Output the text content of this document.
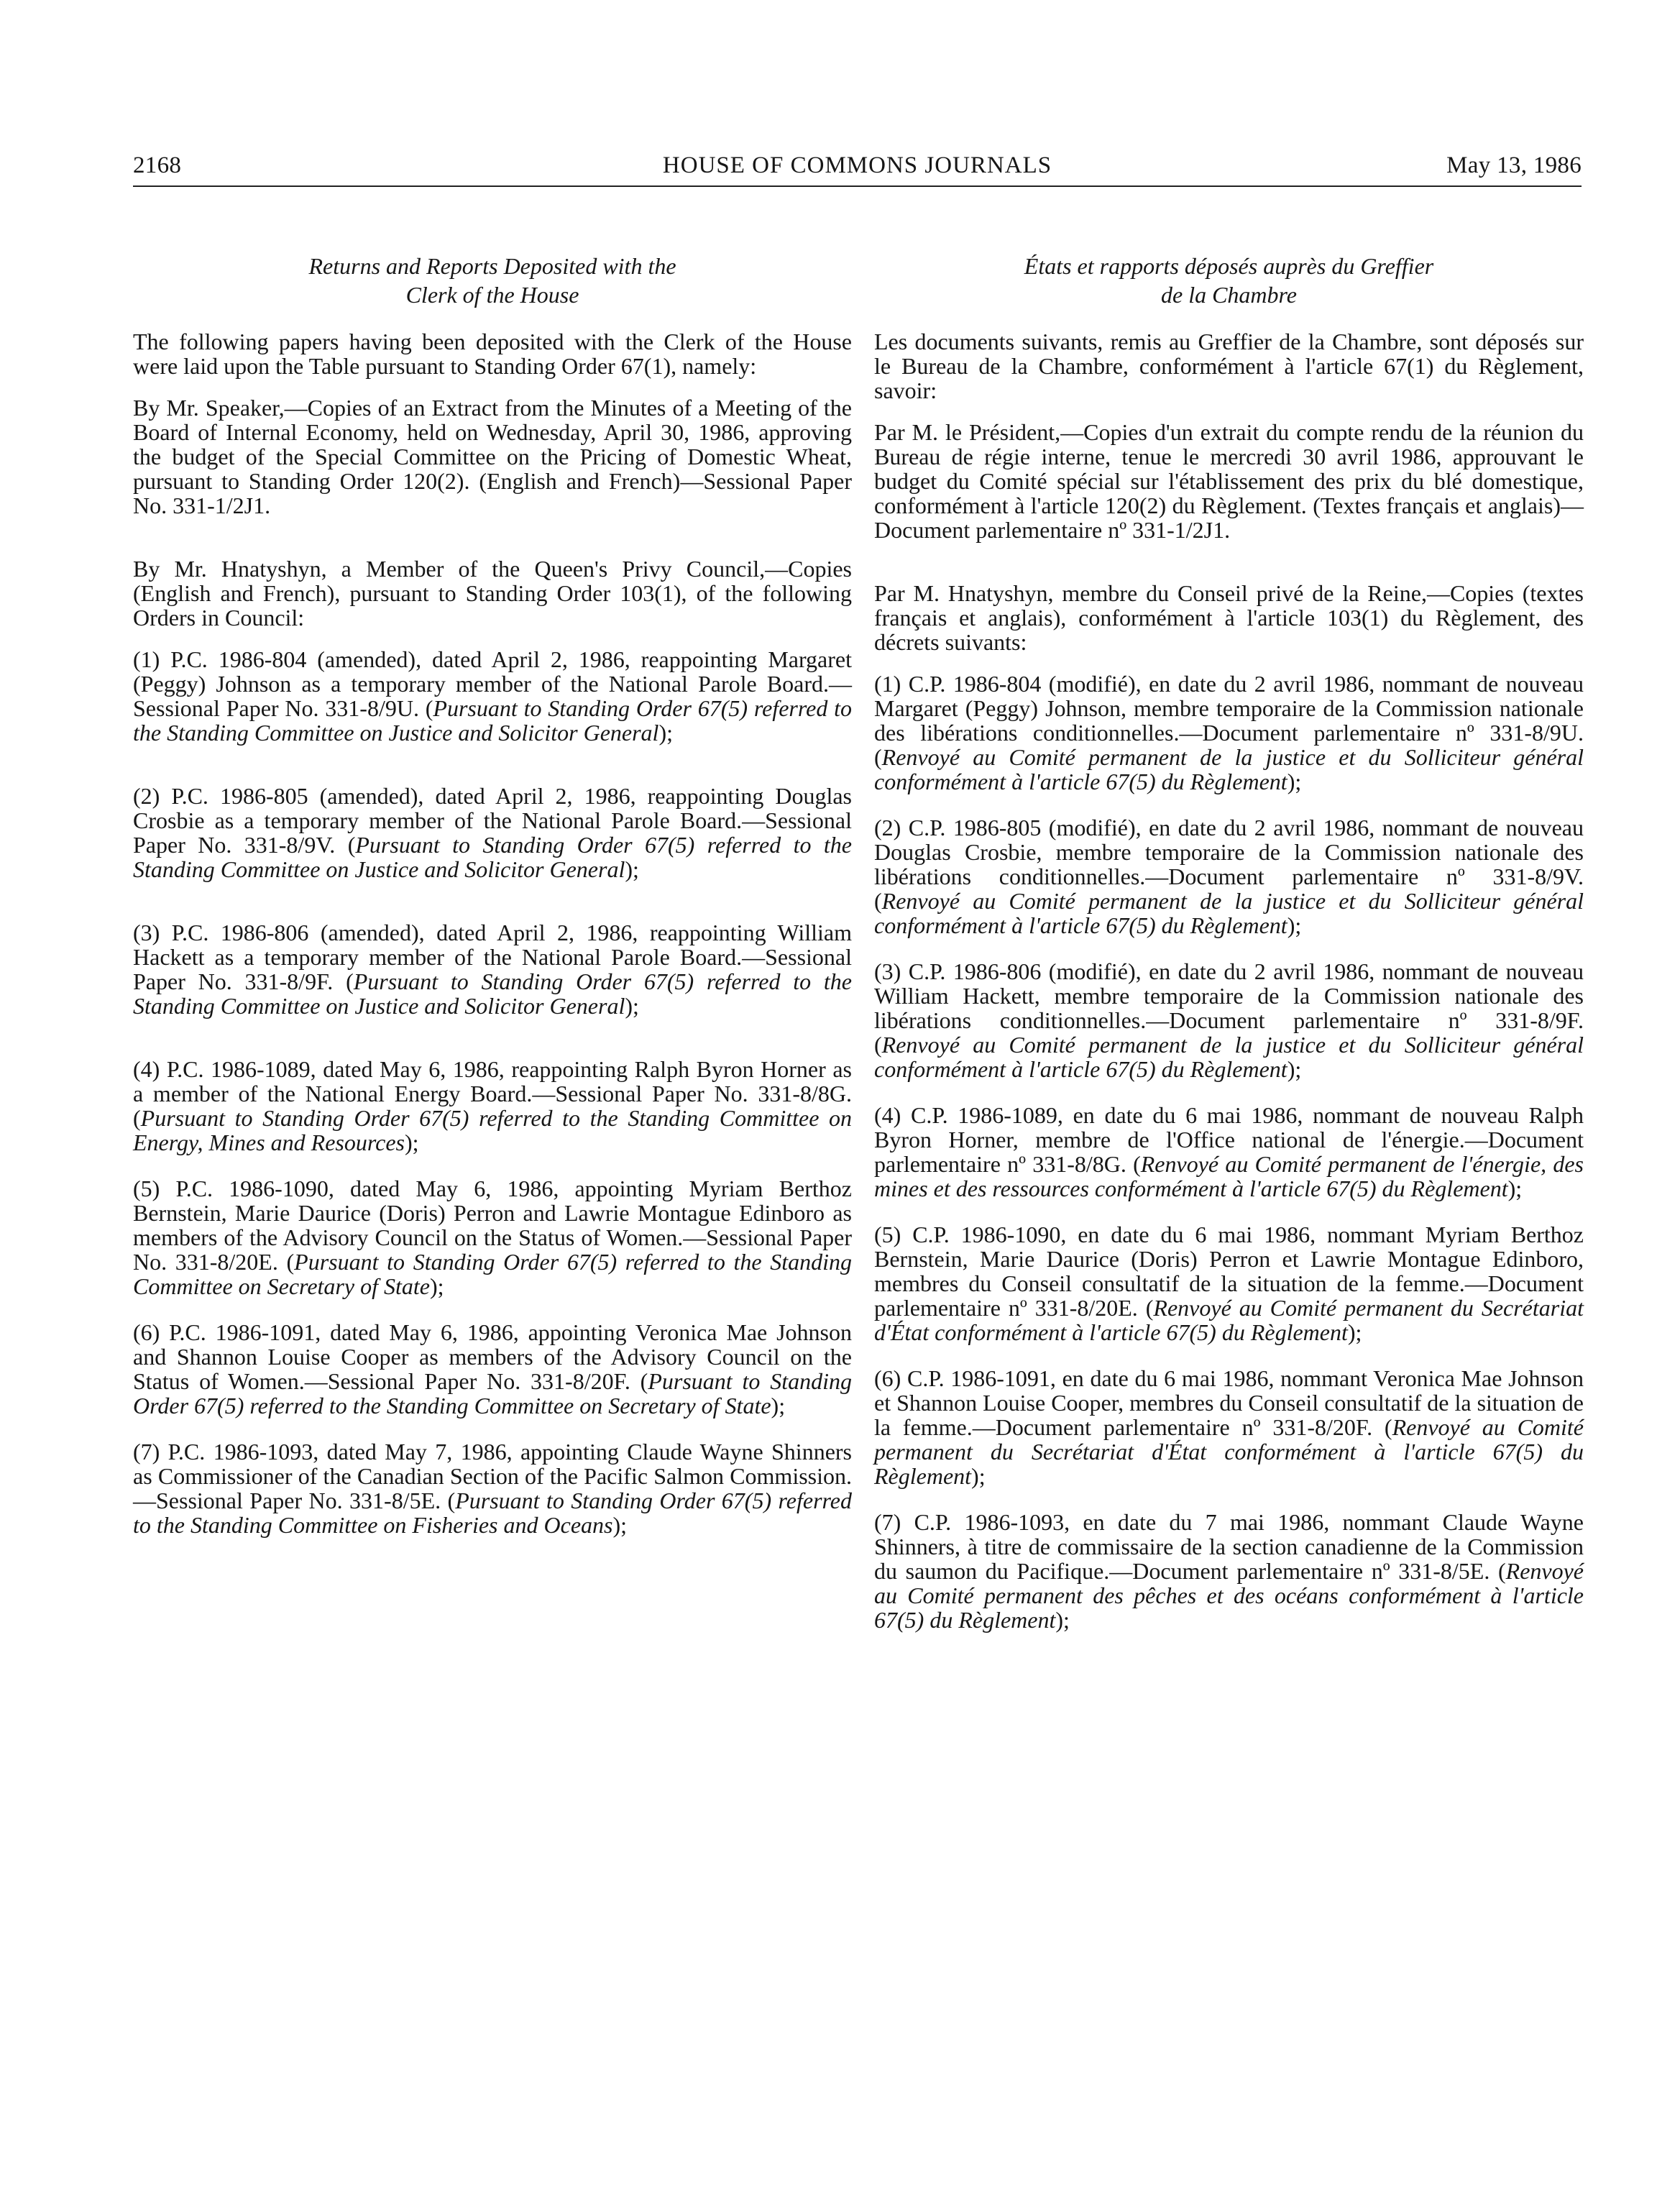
2168	HOUSE OF COMMONS JOURNALS	May 13, 1986
Returns and Reports Deposited with the
Clerk of the House

The following papers having been deposited with the Clerk of the House were laid upon the Table pursuant to Standing Order 67(1), namely:

By Mr. Speaker,—Copies of an Extract from the Minutes of a Meeting of the Board of Internal Economy, held on Wednesday, April 30, 1986, approving the budget of the Special Committee on the Pricing of Domestic Wheat, pursuant to Standing Order 120(2). (English and French)—Sessional Paper No. 331-1/2J1.

By Mr. Hnatyshyn, a Member of the Queen's Privy Council,—Copies (English and French), pursuant to Standing Order 103(1), of the following Orders in Council:

(1) P.C. 1986-804 (amended), dated April 2, 1986, reappointing Margaret (Peggy) Johnson as a temporary member of the National Parole Board.—Sessional Paper No. 331-8/9U. (Pursuant to Standing Order 67(5) referred to the Standing Committee on Justice and Solicitor General);

(2) P.C. 1986-805 (amended), dated April 2, 1986, reappointing Douglas Crosbie as a temporary member of the National Parole Board.—Sessional Paper No. 331-8/9V. (Pursuant to Standing Order 67(5) referred to the Standing Committee on Justice and Solicitor General);

(3) P.C. 1986-806 (amended), dated April 2, 1986, reappointing William Hackett as a temporary member of the National Parole Board.—Sessional Paper No. 331-8/9F. (Pursuant to Standing Order 67(5) referred to the Standing Committee on Justice and Solicitor General);

(4) P.C. 1986-1089, dated May 6, 1986, reappointing Ralph Byron Horner as a member of the National Energy Board.—Sessional Paper No. 331-8/8G. (Pursuant to Standing Order 67(5) referred to the Standing Committee on Energy, Mines and Resources);

(5) P.C. 1986-1090, dated May 6, 1986, appointing Myriam Berthoz Bernstein, Marie Daurice (Doris) Perron and Lawrie Montague Edinboro as members of the Advisory Council on the Status of Women.—Sessional Paper No. 331-8/20E. (Pursuant to Standing Order 67(5) referred to the Standing Committee on Secretary of State);

(6) P.C. 1986-1091, dated May 6, 1986, appointing Veronica Mae Johnson and Shannon Louise Cooper as members of the Advisory Council on the Status of Women.—Sessional Paper No. 331-8/20F. (Pursuant to Standing Order 67(5) referred to the Standing Committee on Secretary of State);

(7) P.C. 1986-1093, dated May 7, 1986, appointing Claude Wayne Shinners as Commissioner of the Canadian Section of the Pacific Salmon Commission.—Sessional Paper No. 331-8/5E. (Pursuant to Standing Order 67(5) referred to the Standing Committee on Fisheries and Oceans);

États et rapports déposés auprès du Greffier
de la Chambre

Les documents suivants, remis au Greffier de la Chambre, sont déposés sur le Bureau de la Chambre, conformément à l'article 67(1) du Règlement, savoir:

Par M. le Président,—Copies d'un extrait du compte rendu de la réunion du Bureau de régie interne, tenue le mercredi 30 avril 1986, approuvant le budget du Comité spécial sur l'établissement des prix du blé domestique, conformément à l'article 120(2) du Règlement. (Textes français et anglais)—Document parlementaire nº 331-1/2J1.

Par M. Hnatyshyn, membre du Conseil privé de la Reine,—Copies (textes français et anglais), conformément à l'article 103(1) du Règlement, des décrets suivants:

(1) C.P. 1986-804 (modifié), en date du 2 avril 1986, nommant de nouveau Margaret (Peggy) Johnson, membre temporaire de la Commission nationale des libérations conditionnelles.—Document parlementaire nº 331-8/9U. (Renvoyé au Comité permanent de la justice et du Solliciteur général conformément à l'article 67(5) du Règlement);

(2) C.P. 1986-805 (modifié), en date du 2 avril 1986, nommant de nouveau Douglas Crosbie, membre temporaire de la Commission nationale des libérations conditionnelles.—Document parlementaire nº 331-8/9V. (Renvoyé au Comité permanent de la justice et du Solliciteur général conformément à l'article 67(5) du Règlement);

(3) C.P. 1986-806 (modifié), en date du 2 avril 1986, nommant de nouveau William Hackett, membre temporaire de la Commission nationale des libérations conditionnelles.—Document parlementaire nº 331-8/9F. (Renvoyé au Comité permanent de la justice et du Solliciteur général conformément à l'article 67(5) du Règlement);

(4) C.P. 1986-1089, en date du 6 mai 1986, nommant de nouveau Ralph Byron Horner, membre de l'Office national de l'énergie.—Document parlementaire nº 331-8/8G. (Renvoyé au Comité permanent de l'énergie, des mines et des ressources conformément à l'article 67(5) du Règlement);

(5) C.P. 1986-1090, en date du 6 mai 1986, nommant Myriam Berthoz Bernstein, Marie Daurice (Doris) Perron et Lawrie Montague Edinboro, membres du Conseil consultatif de la situation de la femme.—Document parlementaire nº 331-8/20E. (Renvoyé au Comité permanent du Secrétariat d'État conformément à l'article 67(5) du Règlement);

(6) C.P. 1986-1091, en date du 6 mai 1986, nommant Veronica Mae Johnson et Shannon Louise Cooper, membres du Conseil consultatif de la situation de la femme.—Document parlementaire nº 331-8/20F. (Renvoyé au Comité permanent du Secrétariat d'État conformément à l'article 67(5) du Règlement);

(7) C.P. 1986-1093, en date du 7 mai 1986, nommant Claude Wayne Shinners, à titre de commissaire de la section canadienne de la Commission du saumon du Pacifique.—Document parlementaire nº 331-8/5E. (Renvoyé au Comité permanent des pêches et des océans conformément à l'article 67(5) du Règlement);
